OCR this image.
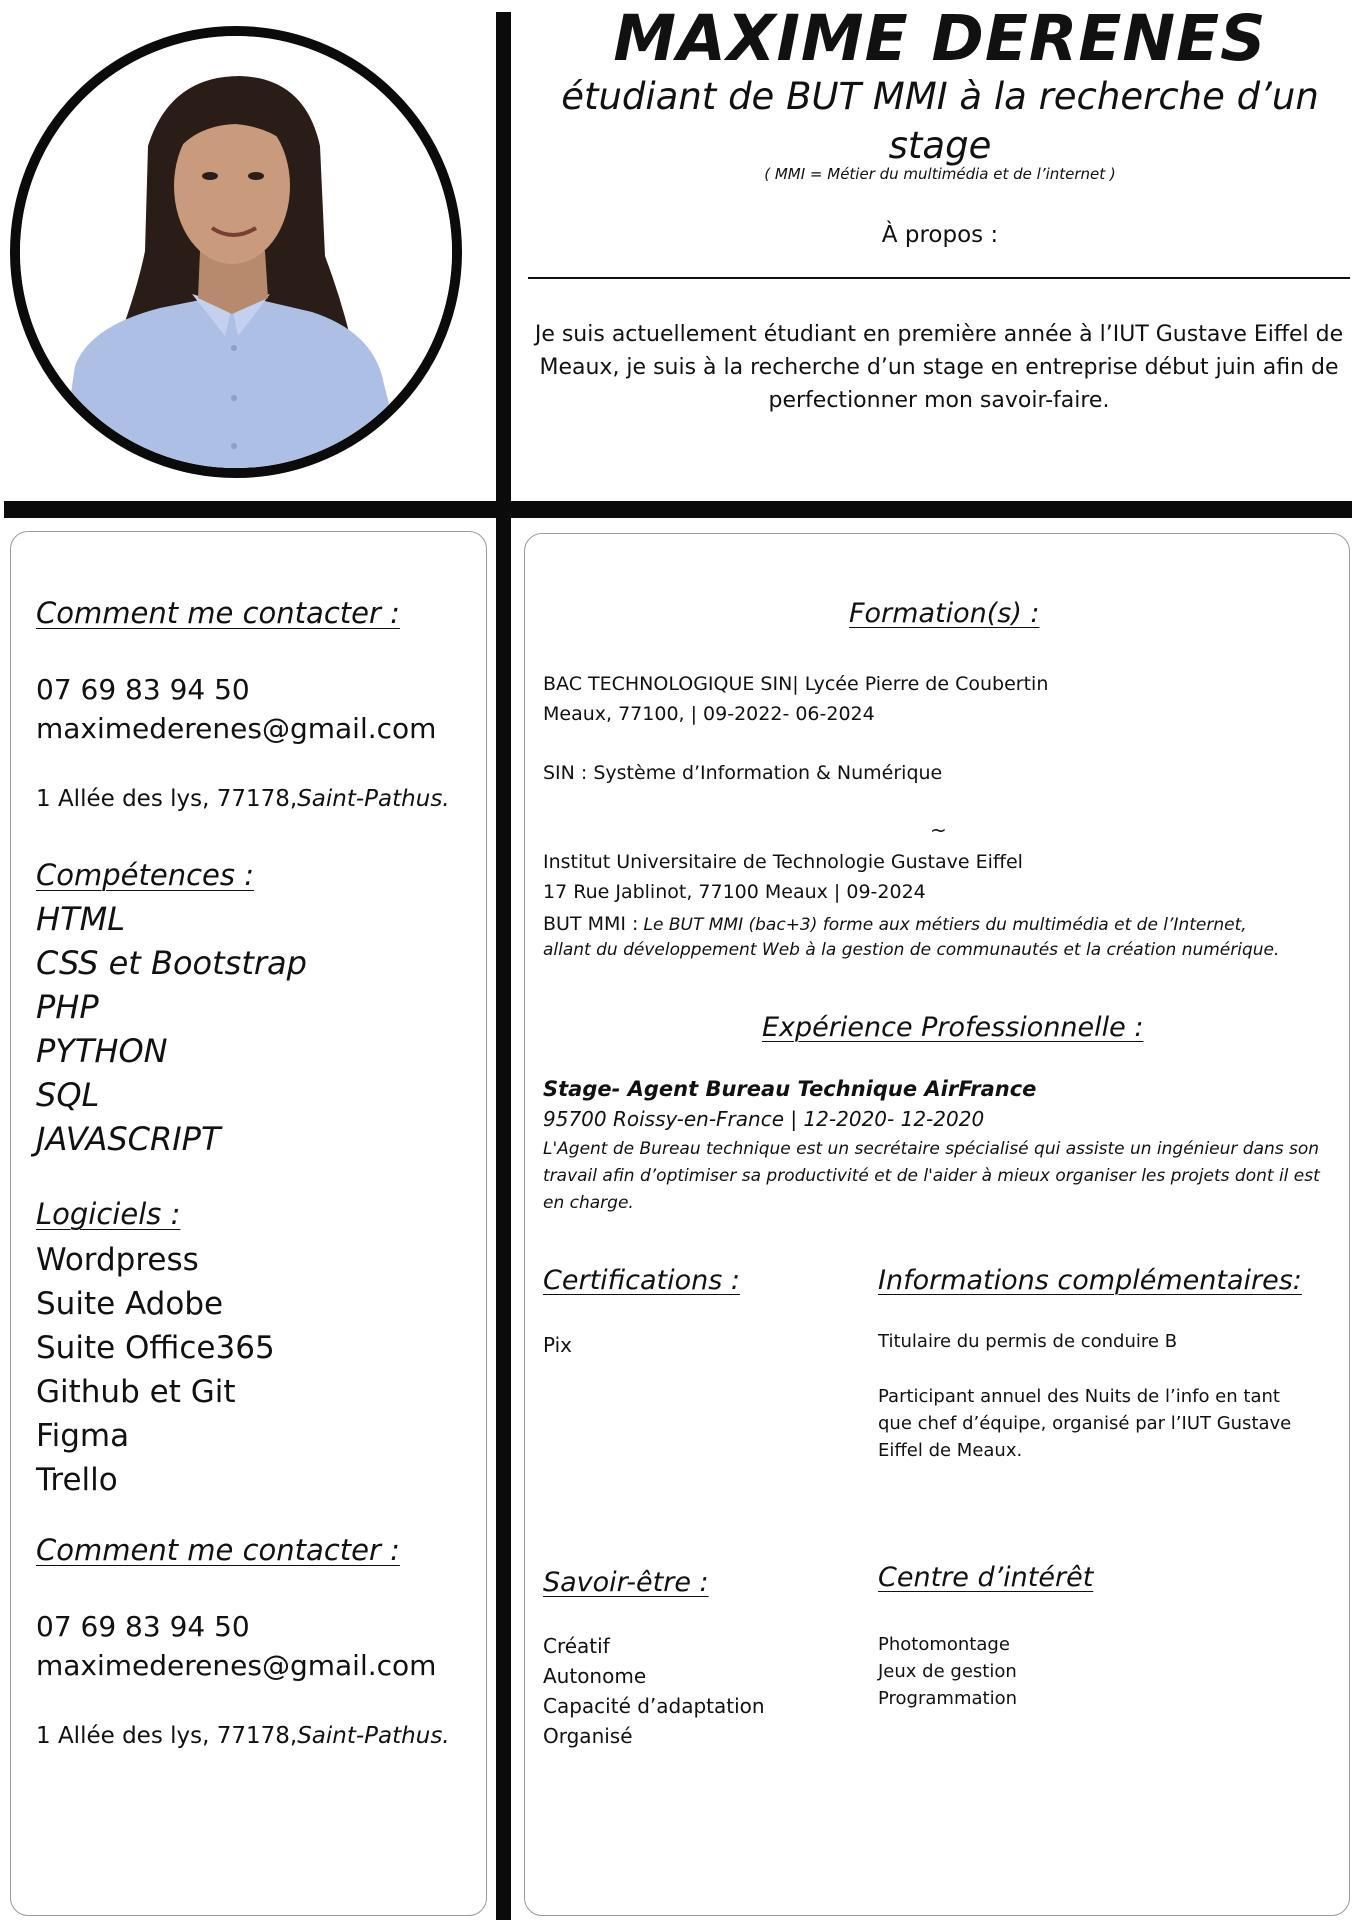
MAXIME DERENES
étudiant de BUT MMI à la recherche d’un stage
( MMI = Métier du multimédia et de l’internet )
À propos :
Je suis actuellement étudiant en première année à l’IUT Gustave Eiffel de Meaux, je suis à la recherche d’un stage en entreprise début juin afin de perfectionner mon savoir-faire.
Comment me contacter :
07 69 83 94 50
maximederenes@gmail.com
1 Allée des lys, 77178,Saint-Pathus.
Compétences :
HTML
CSS et Bootstrap
PHP
PYTHON
SQL
JAVASCRIPT
Logiciels :
Wordpress
Suite Adobe
Suite Office365
Github et Git
Figma
Trello
Comment me contacter :
07 69 83 94 50
maximederenes@gmail.com
1 Allée des lys, 77178,Saint-Pathus.
Formation(s) :
BAC TECHNOLOGIQUE SIN| Lycée Pierre de Coubertin
Meaux, 77100, | 09-2022- 06-2024
SIN : Système d’Information & Numérique
~
Institut Universitaire de Technologie Gustave Eiffel
17 Rue Jablinot, 77100 Meaux | 09-2024
BUT MMI : Le BUT MMI (bac+3) forme aux métiers du multimédia et de l’Internet,
allant du développement Web à la gestion de communautés et la création numérique.
Expérience Professionnelle :
Stage- Agent Bureau Technique AirFrance
95700 Roissy-en-France | 12-2020- 12-2020
L'Agent de Bureau technique est un secrétaire spécialisé qui assiste un ingénieur dans son travail afin d’optimiser sa productivité et de l'aider à mieux organiser les projets dont il est en charge.
Certifications :
Pix
Informations complémentaires:
Titulaire du permis de conduire B
Participant annuel des Nuits de l’info en tant que chef d’équipe, organisé par l’IUT Gustave Eiffel de Meaux.
Savoir-être :
Créatif
Autonome
Capacité d’adaptation
Organisé
Centre d’intérêt
Photomontage
Jeux de gestion
Programmation
